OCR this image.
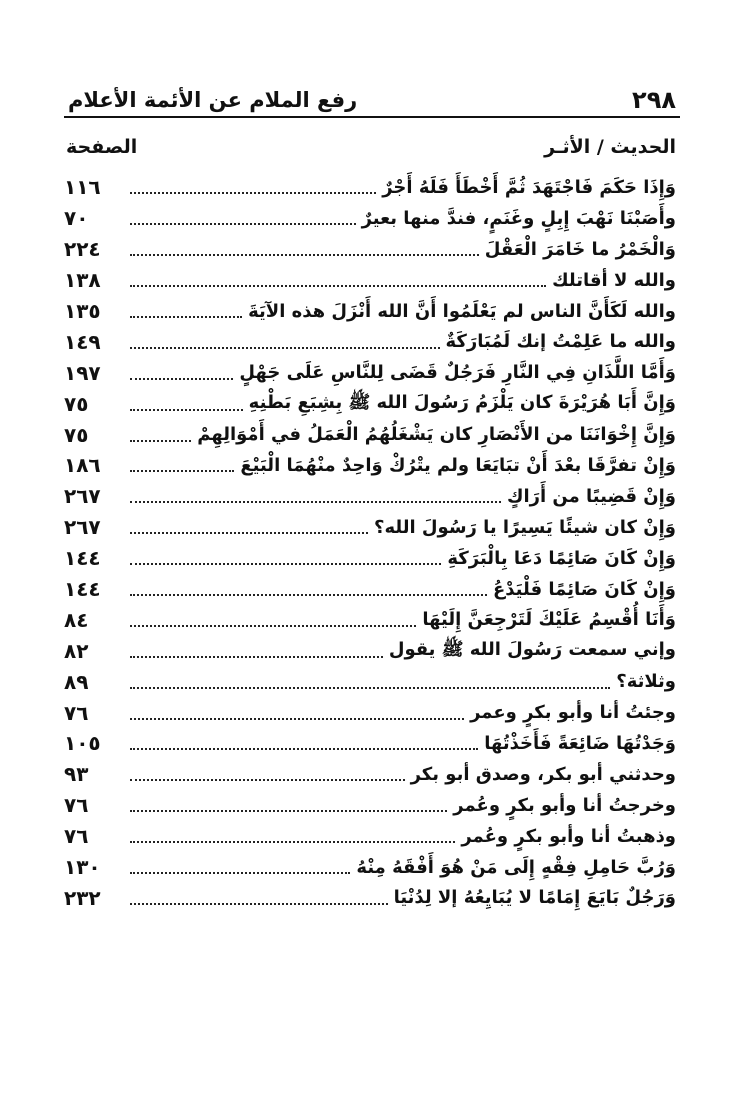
٢٩٨
رفع الملام عن الأئمة الأعلام
الحديث / الأثـر
الصفحة
وَإِذَا حَكَمَ فَاجْتَهَدَ ثُمَّ أَخْطَأَ فَلَهُ أَجْرٌ
١١٦
وأَصَبْنَا نَهْبَ إِبِلٍ وغَنَمٍ، فندَّ منها بعيرٌ
٧٠
وَالْخَمْرُ ما خَامَرَ الْعَقْلَ
٢٢٤
والله لا أقاتلك
١٣٨
والله لَكَأَنَّ الناس لم يَعْلَمُوا أَنَّ الله أَنْزَلَ هذه الآيَةَ
١٣٥
والله ما عَلِمْتُ إنك لَمُبَارَكَةٌ
١٤٩
وَأَمَّا اللَّذَانِ فِي النَّارِ فَرَجُلٌ قَضَى لِلنَّاسِ عَلَى جَهْلٍ
١٩٧
وَإِنَّ أَبَا هُرَيْرَةَ كان يَلْزَمُ رَسُولَ الله ﷺ بِشِبَعِ بَطْنِهِ
٧٥
وَإِنَّ إِخْوَانَنَا من الأَنْصَارِ كان يَشْغَلُهُمُ الْعَمَلُ في أَمْوَالِهِمْ
٧٥
وَإِنْ تفرَّقَا بعْدَ أَنْ تبَايَعَا ولم يتْرُكْ وَاحِدٌ منْهُمَا الْبَيْعَ
١٨٦
وَإِنْ قَضِيبًا من أَرَاكٍ
٢٦٧
وَإِنْ كان شيئًا يَسِيرًا يا رَسُولَ الله؟
٢٦٧
وَإِنْ كَانَ صَائِمًا دَعَا بِالْبَرَكَةِ
١٤٤
وَإِنْ كَانَ صَائِمًا فَلْيَدْعُ
١٤٤
وَأَنَا أُقْسِمُ عَلَيْكَ لَتَرْجِعَنَّ إِلَيْهَا
٨٤
وإني سمعت رَسُولَ الله ﷺ يقول
٨٢
وثلاثة؟
٨٩
وجئتُ أنا وأبو بكرٍ وعمر
٧٦
وَجَدْتُهَا ضَائِعَةً فَأَخَذْتُهَا
١٠٥
وحدثني أبو بكر، وصدق أبو بكر
٩٣
وخرجتُ أنا وأبو بكرٍ وعُمر
٧٦
وذهبتُ أنا وأبو بكرٍ وعُمر
٧٦
وَرُبَّ حَامِلِ فِقْهٍ إِلَى مَنْ هُوَ أَفْقَهُ مِنْهُ
١٣٠
وَرَجُلٌ بَايَعَ إِمَامًا لا يُبَايِعُهُ إلا لِدُنْيَا
٢٣٢
